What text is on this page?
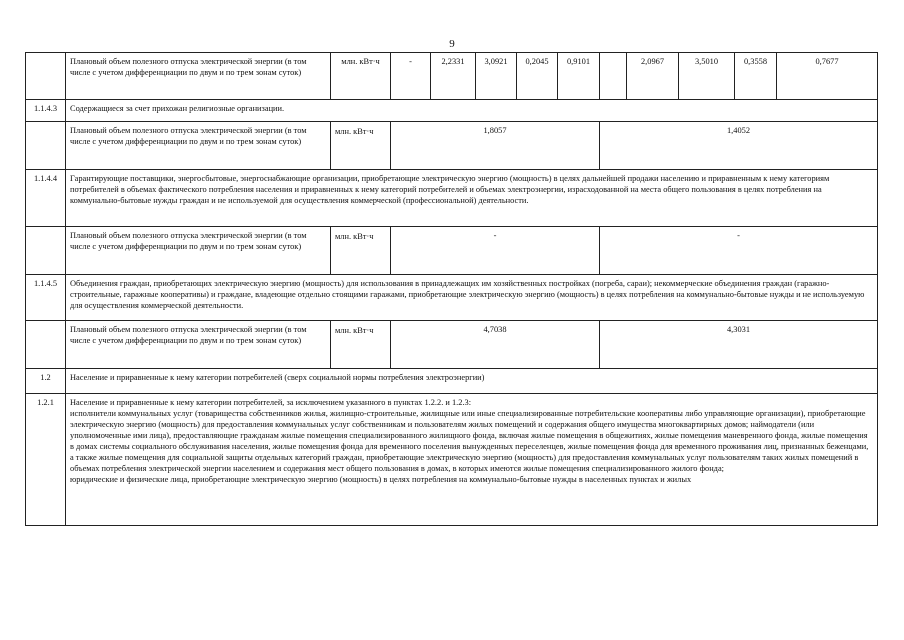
9
	Плановый объем полезного отпуска электрической энергии (в том числе с учетом дифференциации по двум и по трем зонам суток)	млн. кВт·ч	-	2,2331	3,0921	0,2045	0,9101		2,0967	3,5010	0,3558	0,7677
1.1.4.3	Содержащиеся за счет прихожан религиозные организации.											
	Плановый объем полезного отпуска электрической энергии (в том числе с учетом дифференциации по двум и по трем зонам суток)	млн. кВт·ч	1,8057					1,4052				
1.1.4.4	Гарантирующие поставщики, энергосбытовые, энергоснабжающие организации, приобретающие электрическую энергию (мощность) в целях дальнейшей продажи населению и приравненным к нему категориям потребителей в объемах фактического потребления населения и приравненных к нему категорий потребителей и объемах электроэнергии, израсходованной на места общего пользования в целях потребления на коммунально-бытовые нужды граждан и не используемой для осуществления коммерческой (профессиональной) деятельности.											
	Плановый объем полезного отпуска электрической энергии (в том числе с учетом дифференциации по двум и по трем зонам суток)	млн. кВт·ч	-					-				
1.1.4.5	Объединения граждан, приобретающих электрическую энергию (мощность) для использования в принадлежащих им хозяйственных постройках (погреба, сараи); некоммерческие объединения граждан (гаражно-строительные, гаражные кооперативы) и граждане, владеющие отдельно стоящими гаражами, приобретающие электрическую энергию (мощность) в целях потребления на коммунально-бытовые нужды и не используемую для осуществления коммерческой деятельности.											
	Плановый объем полезного отпуска электрической энергии (в том числе с учетом дифференциации по двум и по трем зонам суток)	млн. кВт·ч	4,7038					4,3031				
1.2	Население и приравненные к нему категории потребителей (сверх социальной нормы потребления электроэнергии)											
1.2.1	Население и приравненные к нему категории потребителей, за исключением указанного в пунктах 1.2.2. и 1.2.3:
исполнители коммунальных услуг (товарищества собственников жилья, жилищно-строительные, жилищные или иные специализированные потребительские кооперативы либо управляющие организации), приобретающие электрическую энергию (мощность) для предоставления коммунальных услуг собственникам и пользователям жилых помещений и содержания общего имущества многоквартирных домов; наймодатели (или уполномоченные ими лица), предоставляющие гражданам жилые помещения специализированного жилищного фонда, включая жилые помещения в общежитиях, жилые помещения маневренного фонда, жилые помещения в домах системы социального обслуживания населения, жилые помещения фонда для временного поселения вынужденных переселенцев, жилые помещения фонда для временного проживания лиц, признанных беженцами, а также жилые помещения для социальной защиты отдельных категорий граждан, приобретающие электрическую энергию (мощность) для предоставления коммунальных услуг пользователям таких жилых помещений в объемах потребления электрической энергии населением и содержания мест общего пользования в домах, в которых имеются жилые помещения специализированного жилого фонда;
юридические и физические лица, приобретающие электрическую энергию (мощность) в целях потребления на коммунально-бытовые нужды в населенных пунктах и жилых											
